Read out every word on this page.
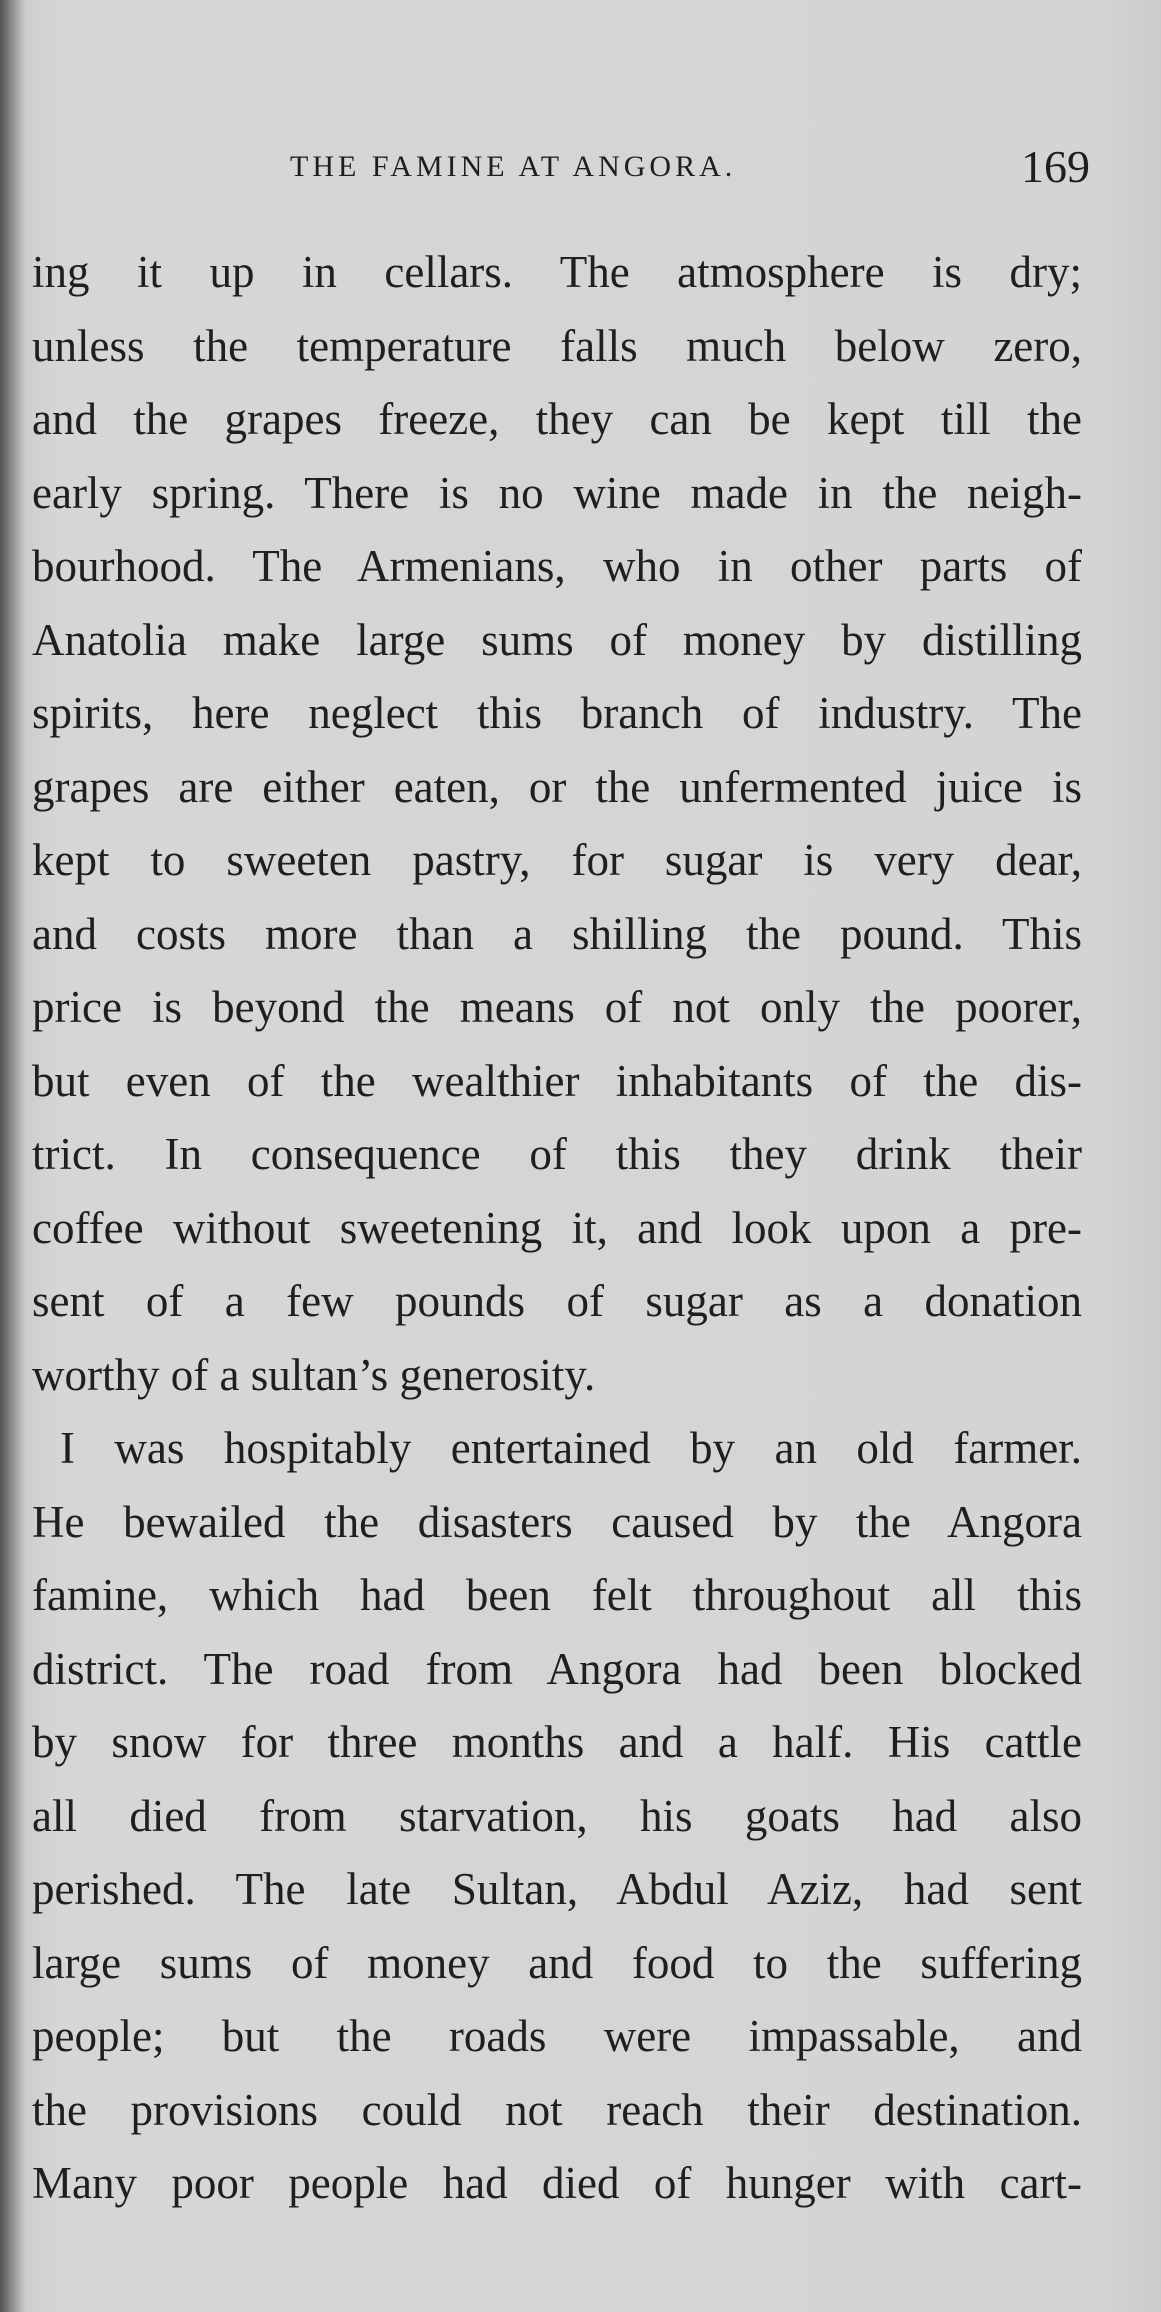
THE FAMINE AT ANGORA.	169
ing it up in cellars. The atmosphere is dry;
unless the temperature falls much below zero,
and the grapes freeze, they can be kept till the
early spring. There is no wine made in the neigh-
bourhood. The Armenians, who in other parts of
Anatolia make large sums of money by distilling
spirits, here neglect this branch of industry. The
grapes are either eaten, or the unfermented juice is
kept to sweeten pastry, for sugar is very dear,
and costs more than a shilling the pound. This
price is beyond the means of not only the poorer,
but even of the wealthier inhabitants of the dis-
trict. In consequence of this they drink their
coffee without sweetening it, and look upon a pre-
sent of a few pounds of sugar as a donation
worthy of a sultan’s generosity.
I was hospitably entertained by an old farmer.
He bewailed the disasters caused by the Angora
famine, which had been felt throughout all this
district. The road from Angora had been blocked
by snow for three months and a half. His cattle
all died from starvation, his goats had also
perished. The late Sultan, Abdul Aziz, had sent
large sums of money and food to the suffering
people; but the roads were impassable, and
the provisions could not reach their destination.
Many poor people had died of hunger with cart-
